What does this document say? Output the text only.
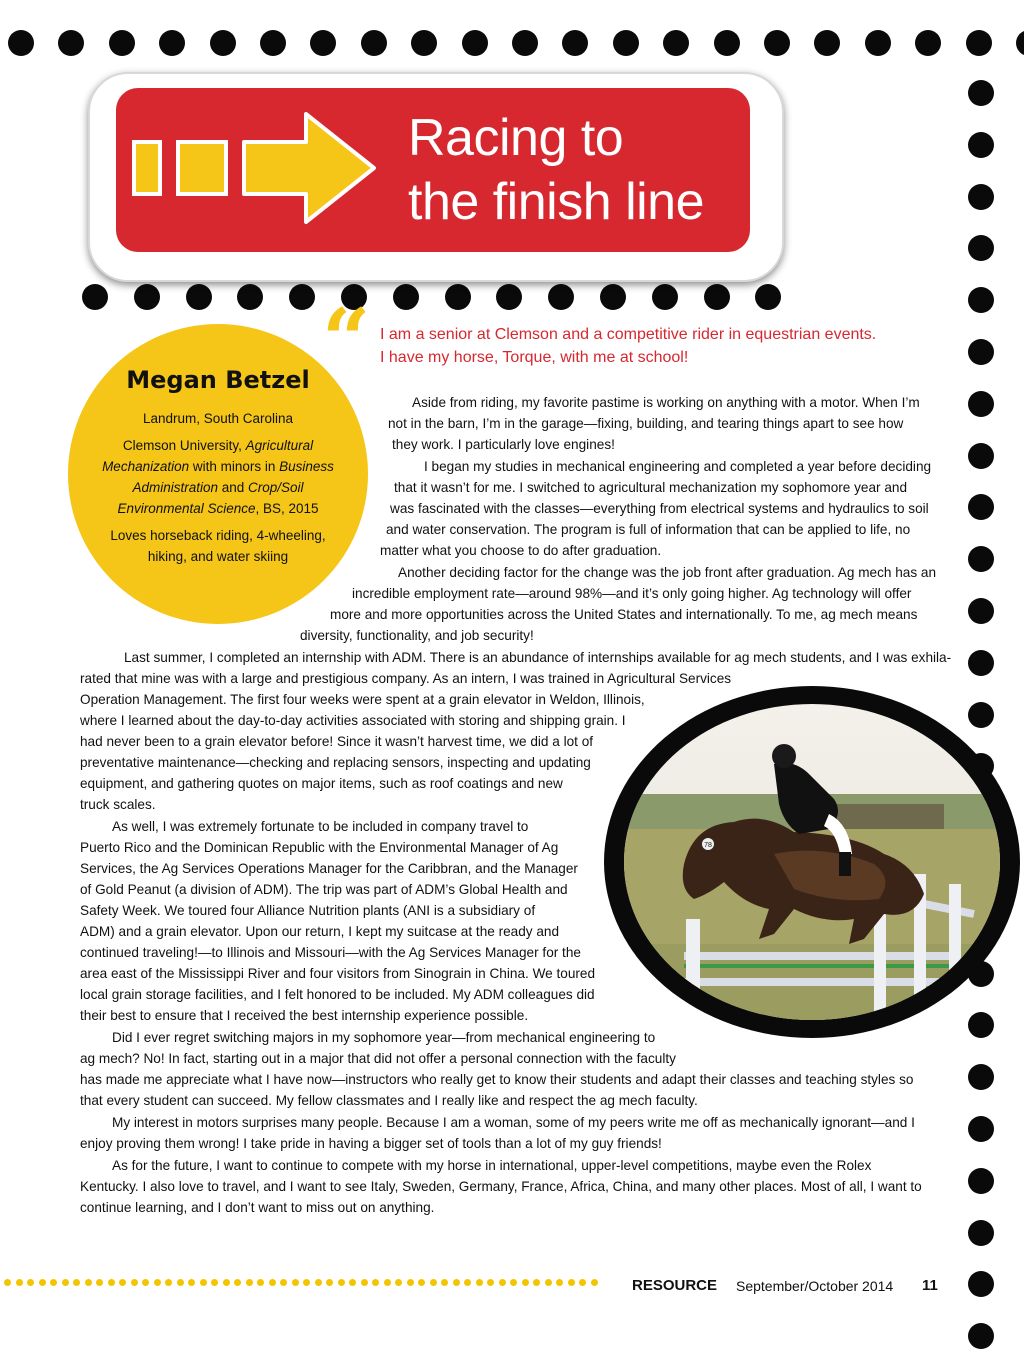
Racing to
the finish line
Megan Betzel
Landrum, South Carolina
Clemson University, Agricultural
Mechanization with minors in Business
Administration and Crop/Soil
Environmental Science, BS, 2015
Loves horseback riding, 4-wheeling,
hiking, and water skiing
“ I am a senior at Clemson and a competitive rider in equestrian events.
I have my horse, Torque, with me at school!
Aside from riding, my favorite pastime is working on anything with a motor. When I’m
not in the barn, I’m in the garage—fixing, building, and tearing things apart to see how
they work. I particularly love engines!
I began my studies in mechanical engineering and completed a year before deciding
that it wasn’t for me. I switched to agricultural mechanization my sophomore year and
was fascinated with the classes—everything from electrical systems and hydraulics to soil
and water conservation. The program is full of information that can be applied to life, no
matter what you choose to do after graduation.
Another deciding factor for the change was the job front after graduation. Ag mech has an
incredible employment rate—around 98%—and it’s only going higher. Ag technology will offer
more and more opportunities across the United States and internationally. To me, ag mech means
diversity, functionality, and job security!
Last summer, I completed an internship with ADM. There is an abundance of internships available for ag mech students, and I was exhila-
rated that mine was with a large and prestigious company. As an intern, I was trained in Agricultural Services
Operation Management. The first four weeks were spent at a grain elevator in Weldon, Illinois,
where I learned about the day-to-day activities associated with storing and shipping grain. I
had never been to a grain elevator before! Since it wasn’t harvest time, we did a lot of
preventative maintenance—checking and replacing sensors, inspecting and updating
equipment, and gathering quotes on major items, such as roof coatings and new
truck scales.
As well, I was extremely fortunate to be included in company travel to
Puerto Rico and the Dominican Republic with the Environmental Manager of Ag
Services, the Ag Services Operations Manager for the Caribbran, and the Manager
of Gold Peanut (a division of ADM). The trip was part of ADM’s Global Health and
Safety Week. We toured four Alliance Nutrition plants (ANI is a subsidiary of
ADM) and a grain elevator. Upon our return, I kept my suitcase at the ready and
continued traveling!—to Illinois and Missouri—with the Ag Services Manager for the
area east of the Mississippi River and four visitors from Sinograin in China. We toured
local grain storage facilities, and I felt honored to be included. My ADM colleagues did
their best to ensure that I received the best internship experience possible.
Did I ever regret switching majors in my sophomore year—from mechanical engineering to
ag mech? No! In fact, starting out in a major that did not offer a personal connection with the faculty
has made me appreciate what I have now—instructors who really get to know their students and adapt their classes and teaching styles so
that every student can succeed. My fellow classmates and I really like and respect the ag mech faculty.
My interest in motors surprises many people. Because I am a woman, some of my peers write me off as mechanically ignorant—and I
enjoy proving them wrong! I take pride in having a bigger set of tools than a lot of my guy friends!
As for the future, I want to continue to compete with my horse in international, upper-level competitions, maybe even the Rolex
Kentucky. I also love to travel, and I want to see Italy, Sweden, Germany, France, Africa, China, and many other places. Most of all, I want to
continue learning, and I don’t want to miss out on anything.
78
RESOURCE September/October 2014 11
